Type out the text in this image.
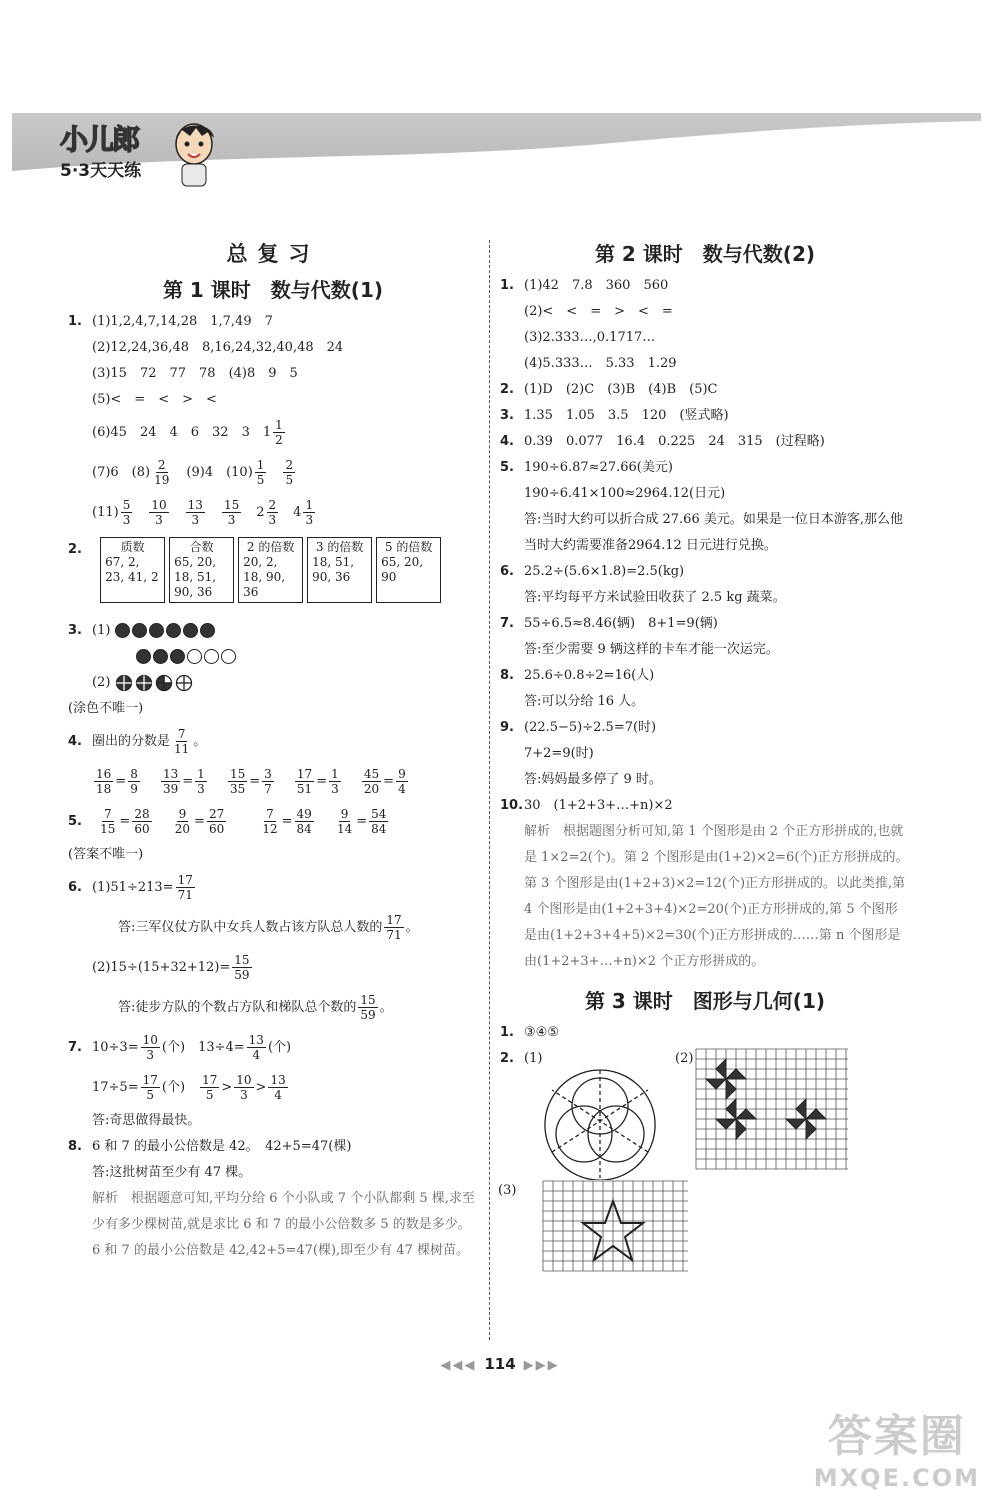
小儿郎
5·3天天练
总复习
第 1 课时　数与代数(1)
1. (1)1,2,4,7,14,28　1,7,49　7
(2)12,24,36,48　8,16,24,32,40,48　24
(3)15　72　77　78　(4)8　9　5
(5)<　=　<　>　<
(6)45　24　4　6　32　3　$1 \frac{1}{2}$
(7)6　$(8) \frac{2}{19}$
　 (9)4　$(10) \frac{1}{5}$
　 $\frac{2}{5}$
$(11) \frac{5}{3}$
　 $\frac{10}{3}$
　 $\frac{13}{3}$
　 $\frac{15}{3}$
　 $2 \frac{2}{3}$
　 $4 \frac{1}{3}$
2.	质数
67, 2, 23, 41, 2

合数
65, 20, 18, 51, 90, 36

2 的倍数
20, 2, 18, 90, 36

3 的倍数
18, 51, 90, 36

5 的倍数
65, 20, 90
3. (1)
(2)
(涂色不唯一)
4. 圈出的分数是 $\frac{7}{11}$ 。
$\frac{16}{18} = \frac{8}{9}$
　 $\frac{13}{39} = \frac{1}{3}$
　 $\frac{15}{35} = \frac{3}{7}$
　 $\frac{17}{51} = \frac{1}{3}$
　 $\frac{45}{20} = \frac{9}{4}$
5. $\frac{7}{15} = \frac{28}{60}$
　 $\frac{9}{20} = \frac{27}{60}$
　　	$\frac{7}{12} = \frac{49}{84}$
　 $\frac{9}{14} = \frac{54}{84}$
(答案不唯一)
6. $(1)51\div 213= \frac{17}{71}$
答:三军仪仗方队中女兵人数占该方队总人数的 $\frac{17}{71}$ 。
$(2)15\div(15+32+12)= \frac{15}{59}$
答:徒步方队的个数占方队和梯队总个数的 $\frac{15}{59}$ 。
7. $10\div 3= \frac{10}{3}$ (个)　 $13\div 4= \frac{13}{4}$ (个)
$17\div 5= \frac{17}{5}$ (个)　 $\frac{17}{5} > \frac{10}{3} > \frac{13}{4}$
答:奇思做得最快。
8. 6 和 7 的最小公倍数是 42。　42+5=47(棵)
答:这批树苗至少有 47 棵。
解析　根据题意可知,平均分给 6 个小队或 7 个小队都剩 5 棵,求至少有多少棵树苗,就是求比 6 和 7 的最小公倍数多 5 的数是多少。6 和 7 的最小公倍数是 42,42+5=47(棵),即至少有 47 棵树苗。
第 2 课时　数与代数(2)
1. (1)42　7.8　360　560
(2)<　<　=　>　<　=
(3)2.333…,0.1717…
(4)5.333…　5.33　1.29
2. (1)D　(2)C　(3)B　(4)B　(5)C
3. 1.35　1.05　3.5　120　(竖式略)
4. 0.39　0.077　16.4　0.225　24　315　(过程略)
5. 190÷6.87≈27.66(美元)
190÷6.41×100≈2964.12(日元)
答:当时大约可以折合成 27.66 美元。如果是一位日本游客,那么他当时大约需要准备2964.12 日元进行兑换。
6. 25.2÷(5.6×1.8)=2.5(kg)
答:平均每平方米试验田收获了 2.5 kg 蔬菜。
7. 55÷6.5≈8.46(辆)　8+1=9(辆)
答:至少需要 9 辆这样的卡车才能一次运完。
8. 25.6÷0.8÷2=16(人)
答:可以分给 16 人。
9. (22.5−5)÷2.5=7(时)
7+2=9(时)
答:妈妈最多停了 9 时。
10.30　(1+2+3+…+n)×2
解析　根据题图分析可知,第 1 个图形是由 2 个正方形拼成的,也就是 1×2=2(个)。第 2 个图形是由(1+2)×2=6(个)正方形拼成的。第 3 个图形是由(1+2+3)×2=12(个)正方形拼成的。以此类推,第 4 个图形是由(1+2+3+4)×2=20(个)正方形拼成的,第 5 个图形是由(1+2+3+4+5)×2=30(个)正方形拼成的……第 n 个图形是由(1+2+3+…+n)×2 个正方形拼成的。
第 3 课时　图形与几何(1)
1. ③④⑤
2. (1)	(2)
(3)
◀◀◀ 114 ▶▶▶
答案圈
MXQE.COM
